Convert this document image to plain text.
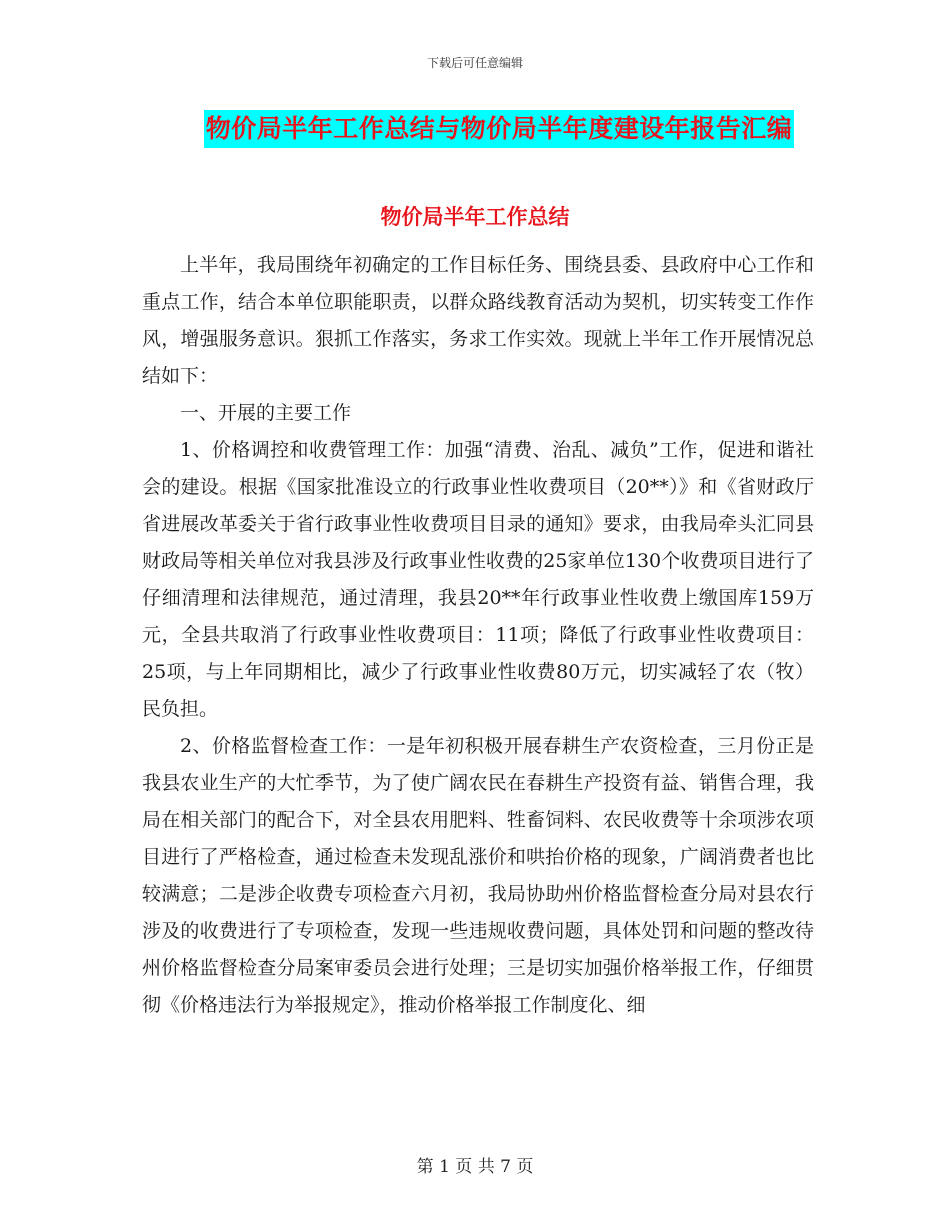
下载后可任意编辑
物价局半年工作总结与物价局半年度建设年报告汇编
物价局半年工作总结

上半年，我局围绕年初确定的工作目标任务、围绕县委、县政府中心工作和重点工作，结合本单位职能职责，以群众路线教育活动为契机，切实转变工作作风，增强服务意识。狠抓工作落实，务求工作实效。现就上半年工作开展情况总结如下：

一、开展的主要工作

1、价格调控和收费管理工作：加强“清费、治乱、减负”工作，促进和谐社会的建设。根据《国家批准设立的行政事业性收费项目（20**）》和《省财政厅省进展改革委关于省行政事业性收费项目目录的通知》要求，由我局牵头汇同县财政局等相关单位对我县涉及行政事业性收费的25家单位130个收费项目进行了仔细清理和法律规范，通过清理，我县20**年行政事业性收费上缴国库159万元，全县共取消了行政事业性收费项目：11项；降低了行政事业性收费项目：25项，与上年同期相比，减少了行政事业性收费80万元，切实减轻了农（牧）民负担。

2、价格监督检查工作：一是年初积极开展春耕生产农资检查，三月份正是我县农业生产的大忙季节，为了使广阔农民在春耕生产投资有益、销售合理，我局在相关部门的配合下，对全县农用肥料、牲畜饲料、农民收费等十余项涉农项目进行了严格检查，通过检查未发现乱涨价和哄抬价格的现象，广阔消费者也比较满意；二是涉企收费专项检查六月初，我局协助州价格监督检查分局对县农行涉及的收费进行了专项检查，发现一些违规收费问题，具体处罚和问题的整改待州价格监督检查分局案审委员会进行处理；三是切实加强价格举报工作，仔细贯彻《价格违法行为举报规定》，推动价格举报工作制度化、细

第 1 页 共 7 页
